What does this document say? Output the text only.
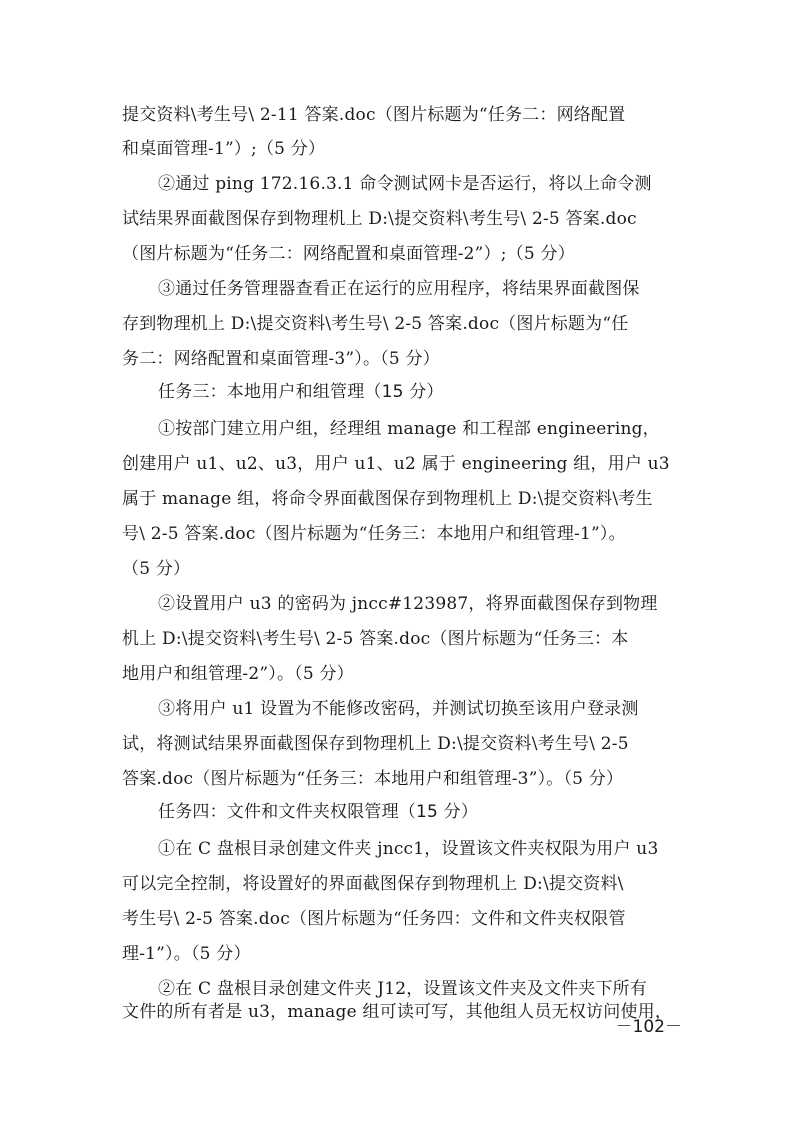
提交资料\考生号\ 2-11 答案.doc（图片标题为“任务二：网络配置
和桌面管理-1”）;（5 分）
②通过 ping 172.16.3.1 命令测试网卡是否运行，将以上命令测
试结果界面截图保存到物理机上 D:\提交资料\考生号\ 2-5 答案.doc
（图片标题为“任务二：网络配置和桌面管理-2”）;（5 分）
③通过任务管理器查看正在运行的应用程序，将结果界面截图保
存到物理机上 D:\提交资料\考生号\ 2-5 答案.doc（图片标题为“任
务二：网络配置和桌面管理-3”）。（5 分）
任务三：本地用户和组管理（15 分）
①按部门建立用户组，经理组 manage 和工程部 engineering，
创建用户 u1、u2、u3，用户 u1、u2 属于 engineering 组，用户 u3
属于 manage 组，将命令界面截图保存到物理机上 D:\提交资料\考生
号\ 2-5 答案.doc（图片标题为“任务三：本地用户和组管理-1”）。
（5 分）
②设置用户 u3 的密码为 jncc#123987，将界面截图保存到物理
机上 D:\提交资料\考生号\ 2-5 答案.doc（图片标题为“任务三：本
地用户和组管理-2”）。（5 分）
③将用户 u1 设置为不能修改密码，并测试切换至该用户登录测
试，将测试结果界面截图保存到物理机上 D:\提交资料\考生号\ 2-5
答案.doc（图片标题为“任务三：本地用户和组管理-3”）。（5 分）
任务四：文件和文件夹权限管理（15 分）
①在 C 盘根目录创建文件夹 jncc1，设置该文件夹权限为用户 u3
可以完全控制，将设置好的界面截图保存到物理机上 D:\提交资料\
考生号\ 2-5 答案.doc（图片标题为“任务四：文件和文件夹权限管
理-1”）。（5 分）
②在 C 盘根目录创建文件夹 J12，设置该文件夹及文件夹下所有
文件的所有者是 u3，manage 组可读可写，其他组人员无权访问使用，
－102－
